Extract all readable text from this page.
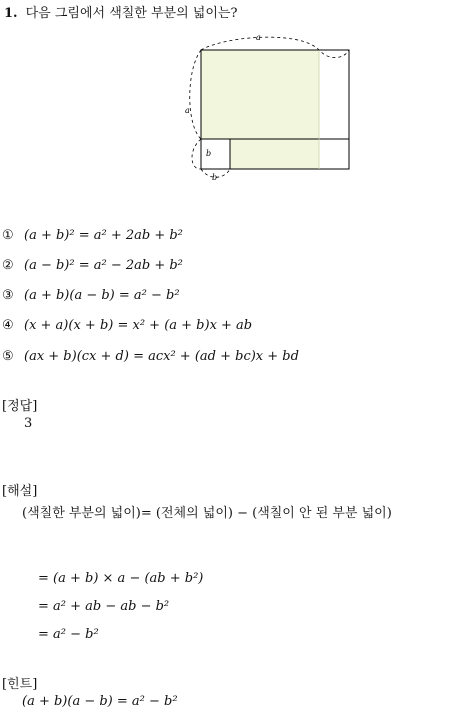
1. 다음 그림에서 색칠한 부분의 넓이는?
a
a
b
b
① (a + b)² = a² + 2ab + b²
② (a − b)² = a² − 2ab + b²
③ (a + b)(a − b) = a² − b²
④ (x + a)(x + b) = x² + (a + b)x + ab
⑤ (ax + b)(cx + d) = acx² + (ad + bc)x + bd
[정답]
3
[해설]
(색칠한 부분의 넓이)= (전체의 넓이) − (색칠이 안 된 부분 넓이)
= (a + b) × a − (ab + b²)
= a² + ab − ab − b²
= a² − b²
[힌트]
(a + b)(a − b) = a² − b²
